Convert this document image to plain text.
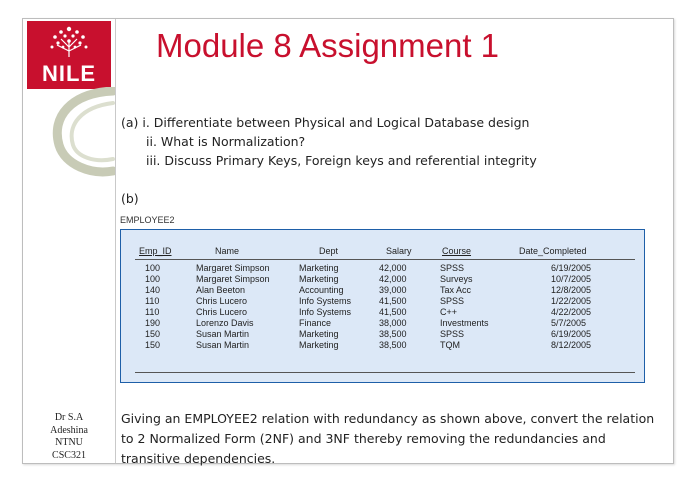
NILE
Dr S.A
Adeshina
NTNU
CSC321
Module 8 Assignment 1
(a) i. Differentiate between Physical and Logical Database design
ii. What is Normalization?
iii. Discuss Primary Keys, Foreign keys and referential integrity
(b)
EMPLOYEE2
Emp_ID	Name	Dept	Salary	Course	Date_Completed
100	Margaret Simpson	Marketing	42,000	SPSS	6/19/2005
100	Margaret Simpson	Marketing	42,000	Surveys	10/7/2005
140	Alan Beeton	Accounting	39,000	Tax Acc	12/8/2005
110	Chris Lucero	Info Systems	41,500	SPSS	1/22/2005
110	Chris Lucero	Info Systems	41,500	C++	4/22/2005
190	Lorenzo Davis	Finance	38,000	Investments	5/7/2005
150	Susan Martin	Marketing	38,500	SPSS	6/19/2005
150	Susan Martin	Marketing	38,500	TQM	8/12/2005
Giving an EMPLOYEE2 relation with redundancy as shown above, convert the relation to 2 Normalized Form (2NF) and 3NF thereby removing the redundancies and transitive dependencies.
